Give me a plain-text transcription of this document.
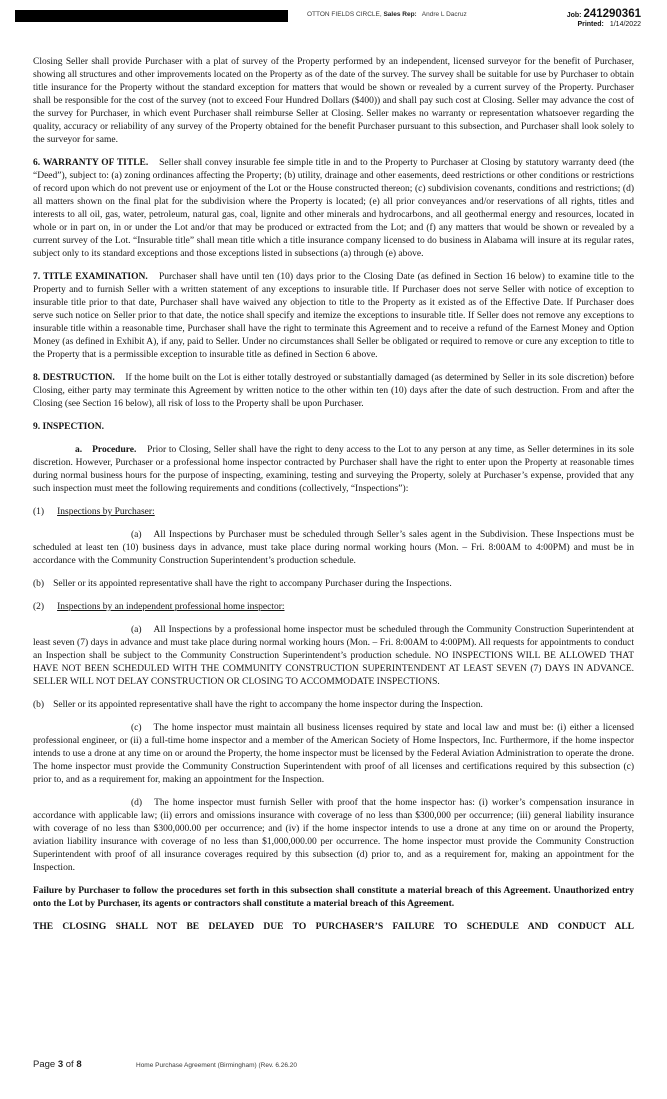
OTTON FIELDS CIRCLE, Sales Rep: Andre L Dacruz	Job: 241290361
Printed: 1/14/2022

Closing Seller shall provide Purchaser with a plat of survey of the Property performed by an independent, licensed surveyor for the benefit of Purchaser, showing all structures and other improvements located on the Property as of the date of the survey. The survey shall be suitable for use by Purchaser to obtain title insurance for the Property without the standard exception for matters that would be shown or revealed by a current survey of the Property. Purchaser shall be responsible for the cost of the survey (not to exceed Four Hundred Dollars ($400)) and shall pay such cost at Closing. Seller may advance the cost of the survey for Purchaser, in which event Purchaser shall reimburse Seller at Closing. Seller makes no warranty or representation whatsoever regarding the quality, accuracy or reliability of any survey of the Property obtained for the benefit Purchaser pursuant to this subsection, and Purchaser shall look solely to the surveyor for same.

6. WARRANTY OF TITLE. Seller shall convey insurable fee simple title in and to the Property to Purchaser at Closing by statutory warranty deed (the “Deed”), subject to: (a) zoning ordinances affecting the Property; (b) utility, drainage and other easements, deed restrictions or other conditions or restrictions of record upon which do not prevent use or enjoyment of the Lot or the House constructed thereon; (c) subdivision covenants, conditions and restrictions; (d) all matters shown on the final plat for the subdivision where the Property is located; (e) all prior conveyances and/or reservations of all rights, titles and interests to all oil, gas, water, petroleum, natural gas, coal, lignite and other minerals and hydrocarbons, and all geothermal energy and resources, located in whole or in part on, in or under the Lot and/or that may be produced or extracted from the Lot; and (f) any matters that would be shown or revealed by a current survey of the Lot. “Insurable title” shall mean title which a title insurance company licensed to do business in Alabama will insure at its regular rates, subject only to its standard exceptions and those exceptions listed in subsections (a) through (e) above.

7. TITLE EXAMINATION. Purchaser shall have until ten (10) days prior to the Closing Date (as defined in Section 16 below) to examine title to the Property and to furnish Seller with a written statement of any exceptions to insurable title. If Purchaser does not serve Seller with notice of exception to insurable title prior to that date, Purchaser shall have waived any objection to title to the Property as it existed as of the Effective Date. If Purchaser does serve such notice on Seller prior to that date, the notice shall specify and itemize the exceptions to insurable title. If Seller does not remove any exceptions to insurable title within a reasonable time, Purchaser shall have the right to terminate this Agreement and to receive a refund of the Earnest Money and Option Money (as defined in Exhibit A), if any, paid to Seller. Under no circumstances shall Seller be obligated or required to remove or cure any exception to title to the Property that is a permissible exception to insurable title as defined in Section 6 above.

8. DESTRUCTION. If the home built on the Lot is either totally destroyed or substantially damaged (as determined by Seller in its sole discretion) before Closing, either party may terminate this Agreement by written notice to the other within ten (10) days after the date of such destruction. From and after the Closing (see Section 16 below), all risk of loss to the Property shall be upon Purchaser.

9. INSPECTION.

a. Procedure. Prior to Closing, Seller shall have the right to deny access to the Lot to any person at any time, as Seller determines in its sole discretion. However, Purchaser or a professional home inspector contracted by Purchaser shall have the right to enter upon the Property at reasonable times during normal business hours for the purpose of inspecting, examining, testing and surveying the Property, solely at Purchaser’s expense, provided that any such inspection must meet the following requirements and conditions (collectively, “Inspections”):

(1) Inspections by Purchaser:

(a) All Inspections by Purchaser must be scheduled through Seller’s sales agent in the Subdivision. These Inspections must be scheduled at least ten (10) business days in advance, must take place during normal working hours (Mon. – Fri. 8:00AM to 4:00PM) and must be in accordance with the Community Construction Superintendent’s production schedule.

(b) Seller or its appointed representative shall have the right to accompany Purchaser during the Inspections.

(2) Inspections by an independent professional home inspector:

(a) All Inspections by a professional home inspector must be scheduled through the Community Construction Superintendent at least seven (7) days in advance and must take place during normal working hours (Mon. – Fri. 8:00AM to 4:00PM). All requests for appointments to conduct an Inspection shall be subject to the Community Construction Superintendent’s production schedule. NO INSPECTIONS WILL BE ALLOWED THAT HAVE NOT BEEN SCHEDULED WITH THE COMMUNITY CONSTRUCTION SUPERINTENDENT AT LEAST SEVEN (7) DAYS IN ADVANCE. SELLER WILL NOT DELAY CONSTRUCTION OR CLOSING TO ACCOMMODATE INSPECTIONS.

(b) Seller or its appointed representative shall have the right to accompany the home inspector during the Inspection.

(c) The home inspector must maintain all business licenses required by state and local law and must be: (i) either a licensed professional engineer, or (ii) a full-time home inspector and a member of the American Society of Home Inspectors, Inc. Furthermore, if the home inspector intends to use a drone at any time on or around the Property, the home inspector must be licensed by the Federal Aviation Administration to operate the drone. The home inspector must provide the Community Construction Superintendent with proof of all licenses and certifications required by this subsection (c) prior to, and as a requirement for, making an appointment for the Inspection.

(d) The home inspector must furnish Seller with proof that the home inspector has: (i) worker’s compensation insurance in accordance with applicable law; (ii) errors and omissions insurance with coverage of no less than $300,000 per occurrence; (iii) general liability insurance with coverage of no less than $300,000.00 per occurrence; and (iv) if the home inspector intends to use a drone at any time on or around the Property, aviation liability insurance with coverage of no less than $1,000,000.00 per occurrence. The home inspector must provide the Community Construction Superintendent with proof of all insurance coverages required by this subsection (d) prior to, and as a requirement for, making an appointment for the Inspection.

Failure by Purchaser to follow the procedures set forth in this subsection shall constitute a material breach of this Agreement. Unauthorized entry onto the Lot by Purchaser, its agents or contractors shall constitute a material breach of this Agreement.

THE CLOSING SHALL NOT BE DELAYED DUE TO PURCHASER’S FAILURE TO SCHEDULE AND CONDUCT ALL

Page 3 of 8	Home Purchase Agreement (Birmingham) (Rev. 6.26.20
